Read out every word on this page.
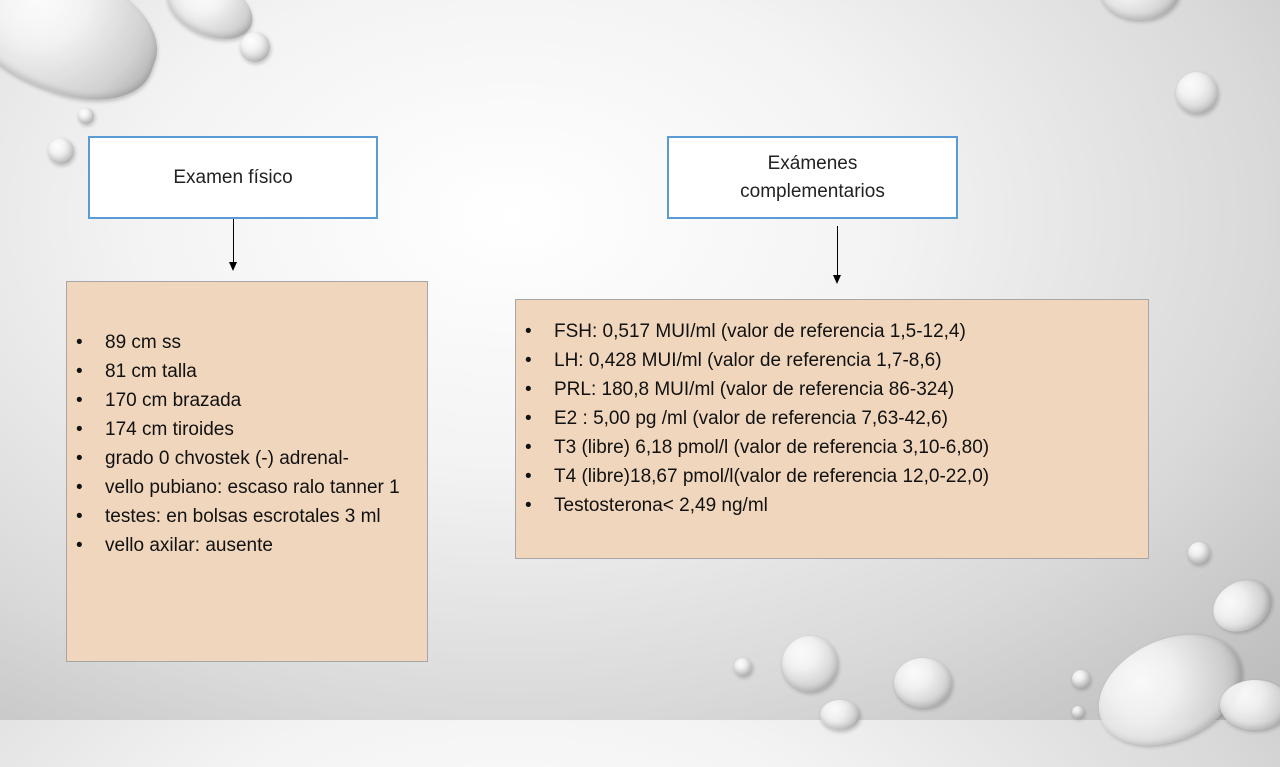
Examen físico
Exámenes complementarios
• 89 cm ss
• 81 cm talla
• 170 cm brazada
• 174 cm tiroides
• grado 0 chvostek (-) adrenal-
• vello pubiano: escaso ralo tanner 1
• testes: en bolsas escrotales 3 ml
• vello axilar: ausente
• FSH: 0,517 MUI/ml (valor de referencia 1,5-12,4)
• LH: 0,428 MUI/ml (valor de referencia 1,7-8,6)
• PRL: 180,8 MUI/ml (valor de referencia 86-324)
• E2 : 5,00 pg /ml (valor de referencia 7,63-42,6)
• T3 (libre) 6,18 pmol/l (valor de referencia 3,10-6,80)
• T4 (libre)18,67 pmol/l(valor de referencia 12,0-22,0)
• Testosterona< 2,49 ng/ml
